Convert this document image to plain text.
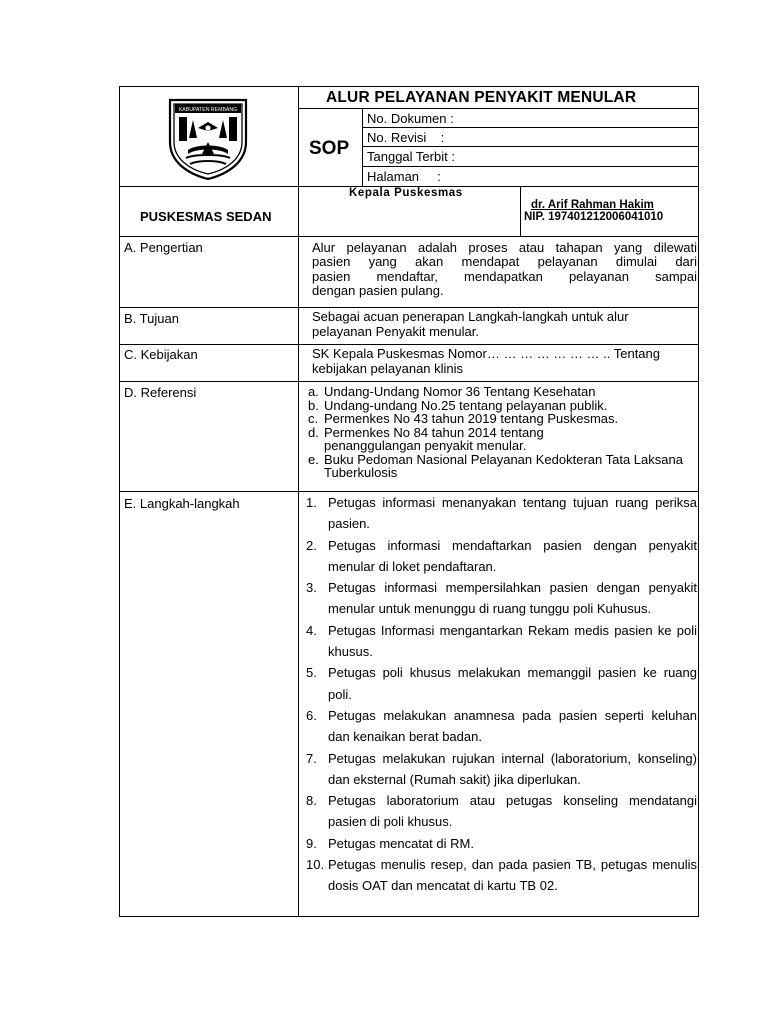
KABUPATEN REMBANG
ALUR PELAYANAN PENYAKIT MENULAR
SOP
No. Dokumen :
No. Revisi    :
Tanggal Terbit :
Halaman     :
PUSKESMAS SEDAN
Kepala Puskesmas
dr. Arif Rahman Hakim
NIP. 197401212006041010
A. Pengertian	Alur pelayanan adalah proses atau tahapan yang dilewati
pasien yang akan mendapat pelayanan dimulai dari
pasien mendaftar, mendapatkan pelayanan sampai
dengan pasien pulang.
B. Tujuan	Sebagai acuan penerapan Langkah-langkah untuk alur
pelayanan Penyakit menular.
C. Kebijakan	SK Kepala Puskesmas Nomor… … … … … … … .. Tentang
kebijakan pelayanan klinis
D. Referensi	a. Undang-Undang Nomor 36 Tentang Kesehatan
b. Undang-undang No.25 tentang pelayanan publik.
c. Permenkes No 43 tahun 2019 tentang Puskesmas.
d. Permenkes No 84 tahun 2014 tentang penanggulangan penyakit menular.
e. Buku Pedoman Nasional Pelayanan Kedokteran Tata Laksana Tuberkulosis
E. Langkah-langkah	1. Petugas informasi menanyakan tentang tujuan ruang periksa pasien.
2. Petugas informasi mendaftarkan pasien dengan penyakit menular di loket pendaftaran.
3. Petugas informasi mempersilahkan pasien dengan penyakit menular untuk menunggu di ruang tunggu poli Kuhusus.
4. Petugas Informasi mengantarkan Rekam medis pasien ke poli khusus.
5. Petugas poli khusus melakukan memanggil pasien ke ruang poli.
6. Petugas melakukan anamnesa pada pasien seperti keluhan dan kenaikan berat badan.
7. Petugas melakukan rujukan internal (laboratorium, konseling) dan eksternal (Rumah sakit) jika diperlukan.
8. Petugas laboratorium atau petugas konseling mendatangi pasien di poli khusus.
9. Petugas mencatat di RM.
10. Petugas menulis resep, dan pada pasien TB, petugas menulis dosis OAT dan mencatat di kartu TB 02.
